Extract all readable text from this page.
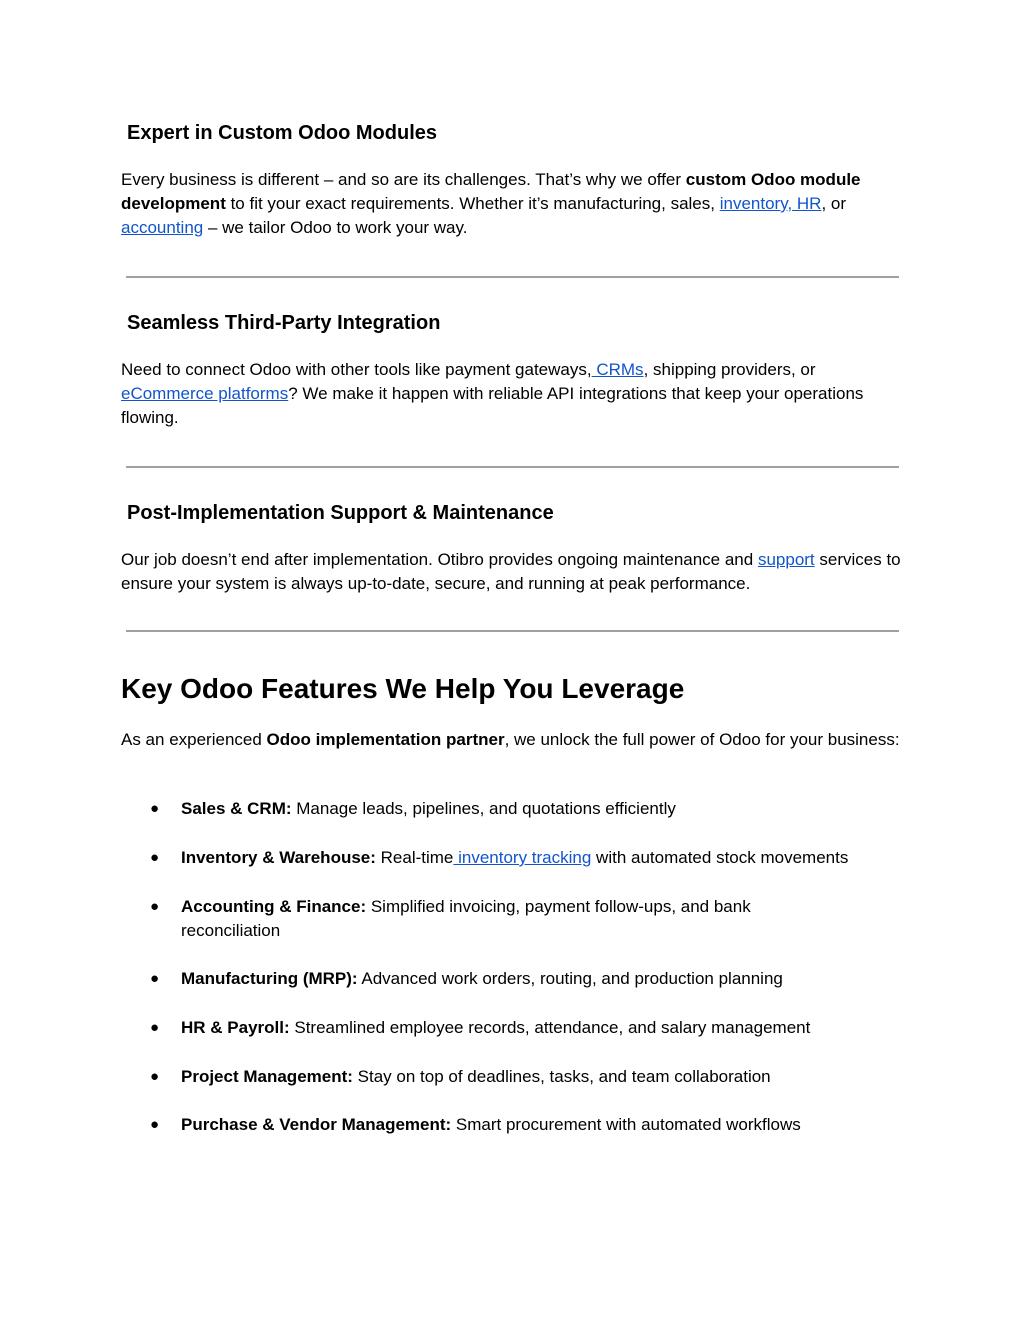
Expert in Custom Odoo Modules

Every business is different – and so are its challenges. That’s why we offer custom Odoo module development to fit your exact requirements. Whether it’s manufacturing, sales, inventory, HR, or accounting – we tailor Odoo to work your way.

Seamless Third-Party Integration

Need to connect Odoo with other tools like payment gateways, CRMs, shipping providers, or eCommerce platforms? We make it happen with reliable API integrations that keep your operations flowing.

Post-Implementation Support & Maintenance

Our job doesn’t end after implementation. Otibro provides ongoing maintenance and support services to ensure your system is always up-to-date, secure, and running at peak performance.

Key Odoo Features We Help You Leverage

As an experienced Odoo implementation partner, we unlock the full power of Odoo for your business:

●	Sales & CRM: Manage leads, pipelines, and quotations efficiently
●	Inventory & Warehouse: Real-time inventory tracking with automated stock movements
●	Accounting & Finance: Simplified invoicing, payment follow-ups, and bank reconciliation
●	Manufacturing (MRP): Advanced work orders, routing, and production planning
●	HR & Payroll: Streamlined employee records, attendance, and salary management
●	Project Management: Stay on top of deadlines, tasks, and team collaboration
●	Purchase & Vendor Management: Smart procurement with automated workflows
